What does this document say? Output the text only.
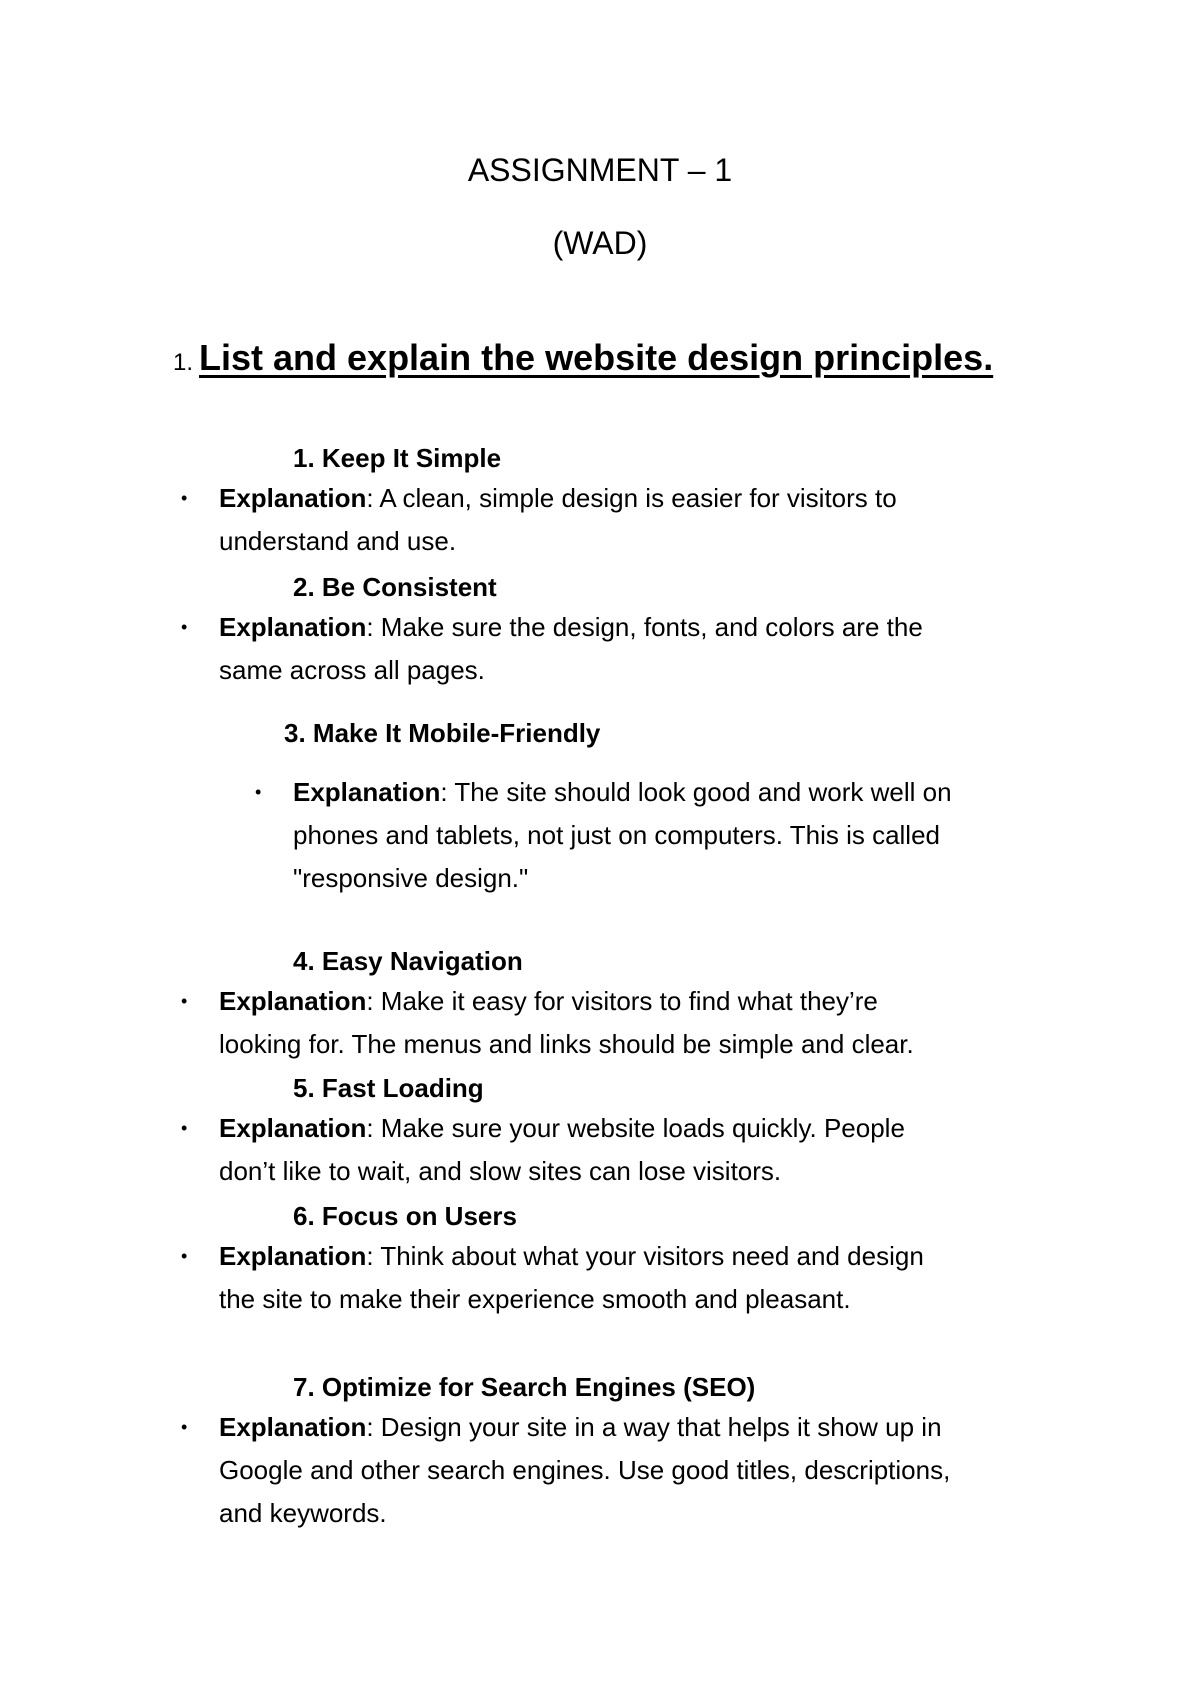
ASSIGNMENT – 1
(WAD)
1. List and explain the website design principles.
1. Keep It Simple
• Explanation: A clean, simple design is easier for visitors to
understand and use.
2. Be Consistent
• Explanation: Make sure the design, fonts, and colors are the
same across all pages.
3. Make It Mobile-Friendly
• Explanation: The site should look good and work well on
phones and tablets, not just on computers. This is called
"responsive design."
4. Easy Navigation
• Explanation: Make it easy for visitors to find what they’re
looking for. The menus and links should be simple and clear.
5. Fast Loading
• Explanation: Make sure your website loads quickly. People
don’t like to wait, and slow sites can lose visitors.
6. Focus on Users
• Explanation: Think about what your visitors need and design
the site to make their experience smooth and pleasant.
7. Optimize for Search Engines (SEO)
• Explanation: Design your site in a way that helps it show up in
Google and other search engines. Use good titles, descriptions,
and keywords.
